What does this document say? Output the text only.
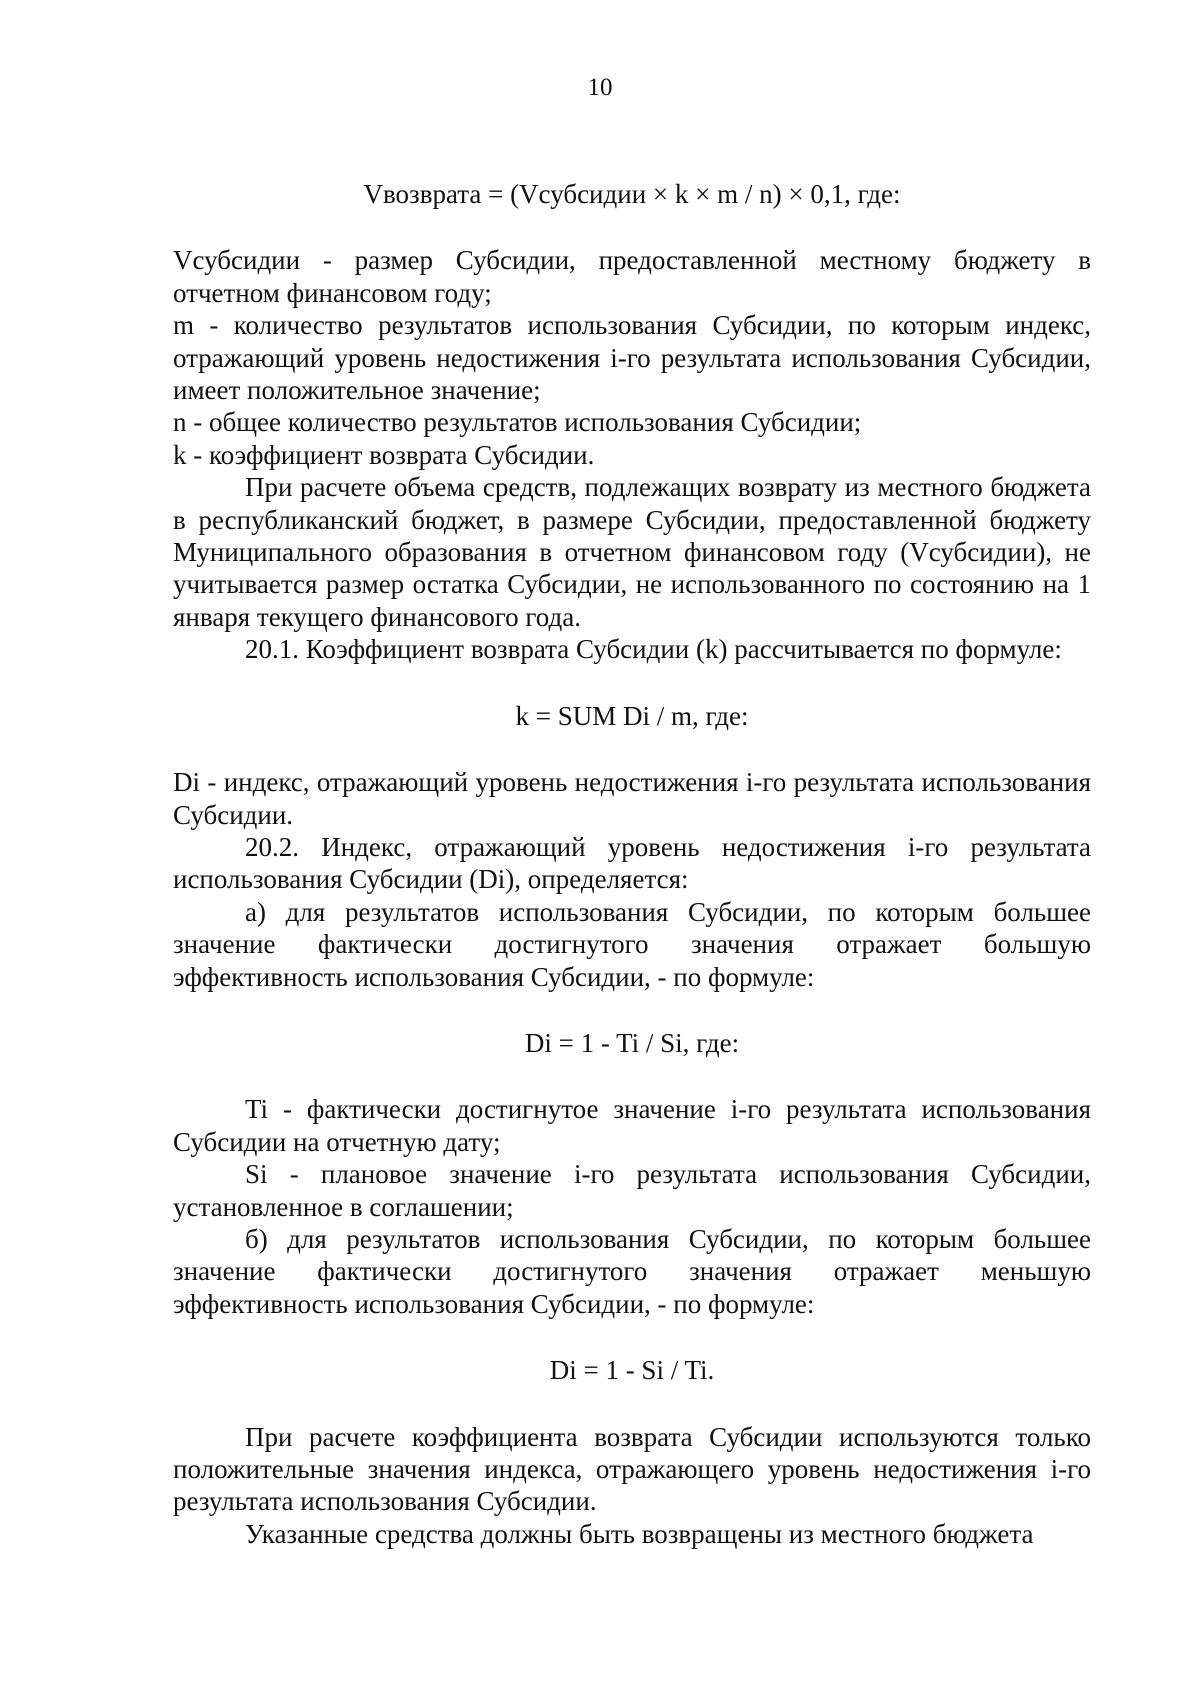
10

Vвозврата = (Vсубсидии × k × m / n) × 0,1, где:

Vсубсидии - размер Субсидии, предоставленной местному бюджету в отчетном финансовом году;

m - количество результатов использования Субсидии, по которым индекс, отражающий уровень недостижения i-го результата использования Субсидии, имеет положительное значение;

n - общее количество результатов использования Субсидии;

k - коэффициент возврата Субсидии.

При расчете объема средств, подлежащих возврату из местного бюджета в республиканский бюджет, в размере Субсидии, предоставленной бюджету Муниципального образования в отчетном финансовом году (Vсубсидии), не учитывается размер остатка Субсидии, не использованного по состоянию на 1 января текущего финансового года.

20.1. Коэффициент возврата Субсидии (k) рассчитывается по формуле:

k = SUM Di / m, где:

Di - индекс, отражающий уровень недостижения i-го результата использования Субсидии.

20.2. Индекс, отражающий уровень недостижения i-го результата использования Субсидии (Di), определяется:

а) для результатов использования Субсидии, по которым большее значение фактически достигнутого значения отражает большую эффективность использования Субсидии, - по формуле:

Di = 1 - Ti / Si, где:

Ti - фактически достигнутое значение i-го результата использования Субсидии на отчетную дату;

Si - плановое значение i-го результата использования Субсидии, установленное в соглашении;

б) для результатов использования Субсидии, по которым большее значение фактически достигнутого значения отражает меньшую эффективность использования Субсидии, - по формуле:

Di = 1 - Si / Ti.

При расчете коэффициента возврата Субсидии используются только положительные значения индекса, отражающего уровень недостижения i-го результата использования Субсидии.

Указанные средства должны быть возвращены из местного бюджета
